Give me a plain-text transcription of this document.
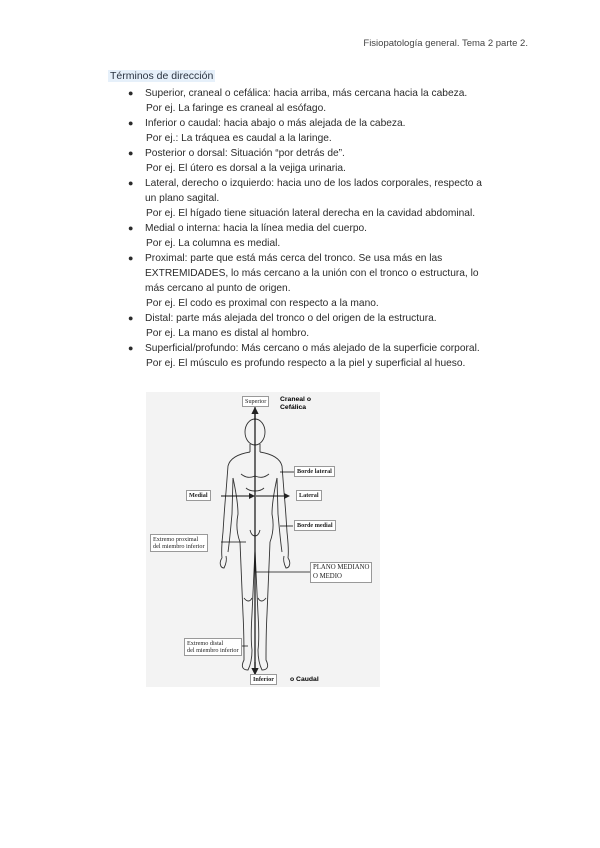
Fisiopatología general. Tema 2 parte 2.
Términos de dirección
● Superior, craneal o cefálica: hacia arriba, más cercana hacia la cabeza.
Por ej. La faringe es craneal al esófago.
● Inferior o caudal: hacia abajo o más alejada de la cabeza.
Por ej.: La tráquea es caudal a la laringe.
● Posterior o dorsal: Situación “por detrás de”.
Por ej. El útero es dorsal a la vejiga urinaria.
● Lateral, derecho o izquierdo: hacia uno de los lados corporales, respecto a
un plano sagital.
Por ej. El hígado tiene situación lateral derecha en la cavidad abdominal.
● Medial o interna: hacia la línea media del cuerpo.
Por ej. La columna es medial.
● Proximal: parte que está más cerca del tronco. Se usa más en las
EXTREMIDADES, lo más cercano a la unión con el tronco o estructura, lo
más cercano al punto de origen.
Por ej. El codo es proximal con respecto a la mano.
● Distal: parte más alejada del tronco o del origen de la estructura.
Por ej. La mano es distal al hombro.
● Superficial/profundo: Más cercano o más alejado de la superficie corporal.
Por ej. El músculo es profundo respecto a la piel y superficial al hueso.
Superior	Craneal o
Cefálica
Borde lateral
Medial	Lateral
Borde medial
Extremo proximal
del miembro inferior
PLANO MEDIANO
O MEDIO
Extremo distal
del miembro inferior
Inferior	o Caudal
